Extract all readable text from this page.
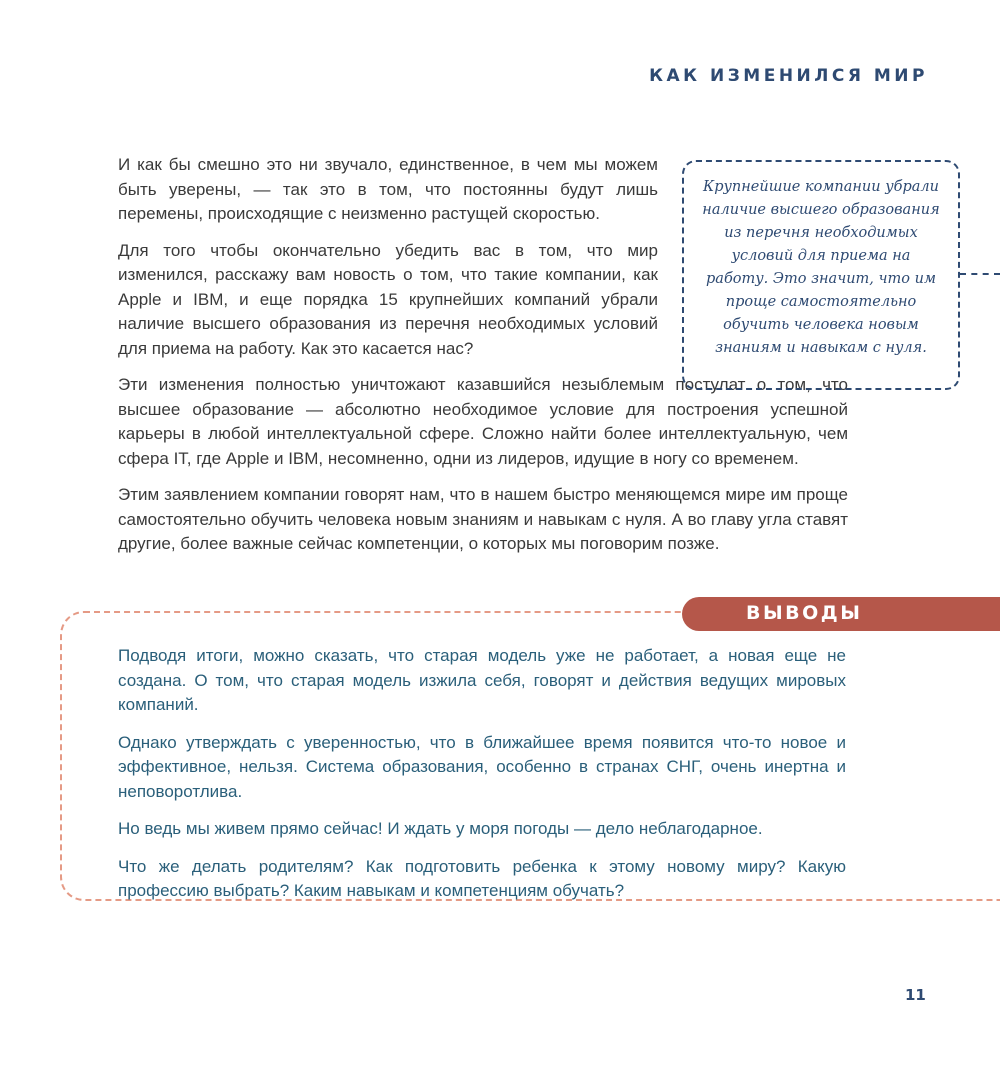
КАК ИЗМЕНИЛСЯ МИР

И как бы смешно это ни звучало, единственное, в чем мы можем быть уверены, — так это в том, что постоянны будут лишь перемены, происходящие с неизменно растущей скоростью.

Для того чтобы окончательно убедить вас в том, что мир изменился, расскажу вам новость о том, что такие компании, как Apple и IBM, и еще порядка 15 крупнейших компаний убрали наличие высшего образования из перечня необходимых условий для приема на работу. Как это касается нас?

Эти изменения полностью уничтожают казавшийся незыблемым постулат о том, что высшее образование — абсолютно необходимое условие для построения успешной карьеры в любой интеллектуальной сфере. Сложно найти более интеллектуальную, чем сфера IT, где Apple и IBM, несомненно, одни из лидеров, идущие в ногу со временем.

Этим заявлением компании говорят нам, что в нашем быстро меняющемся мире им проще самостоятельно обучить человека новым знаниям и навыкам с нуля. А во главу угла ставят другие, более важные сейчас компетенции, о которых мы поговорим позже.

Крупнейшие компании убрали наличие высшего образования из перечня необходимых условий для приема на работу. Это значит, что им проще самостоятельно обучить человека новым знаниям и навыкам с нуля.
ВЫВОДЫ

Подводя итоги, можно сказать, что старая модель уже не работает, а новая еще не создана. О том, что старая модель изжила себя, говорят и действия ведущих мировых компаний.

Однако утверждать с уверенностью, что в ближайшее время появится что-то новое и эффективное, нельзя. Система образования, особенно в странах СНГ, очень инертна и неповоротлива.

Но ведь мы живем прямо сейчас! И ждать у моря погоды — дело неблагодарное.

Что же делать родителям? Как подготовить ребенка к этому новому миру? Какую профессию выбрать? Каким навыкам и компетенциям обучать?

11
